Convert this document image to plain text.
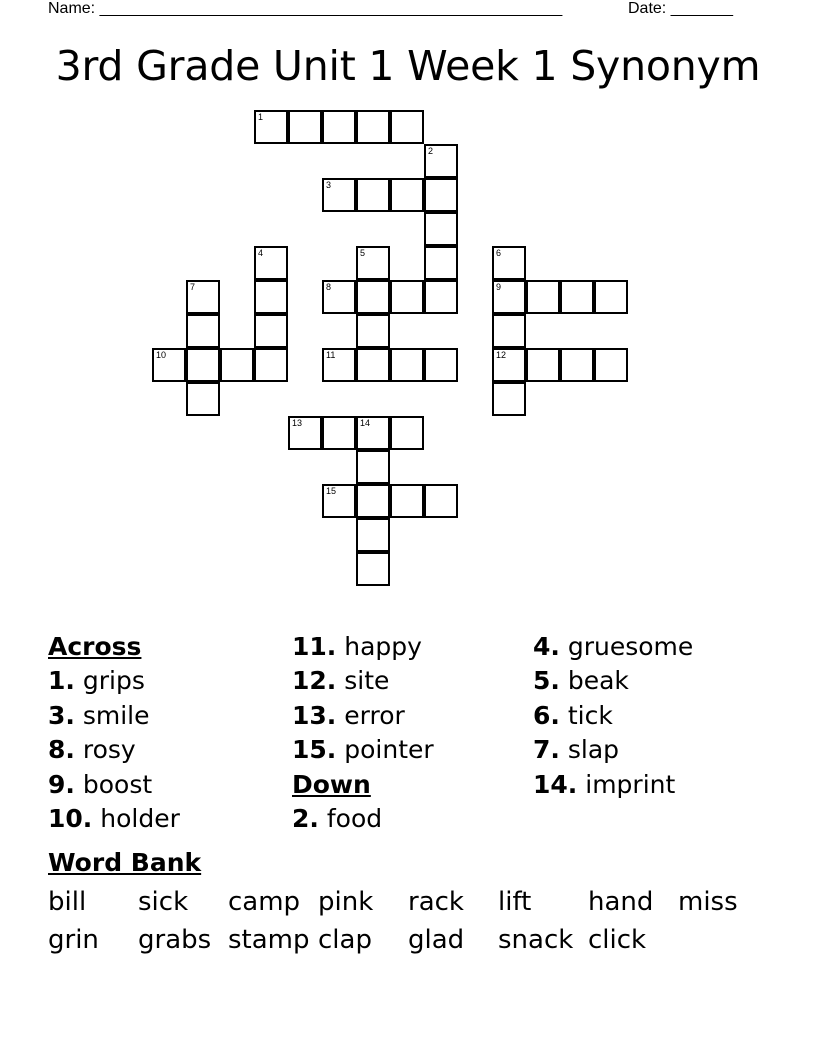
Name: ____________________________________________________	Date: _______
3rd Grade Unit 1 Week 1 Synonym
1
2
3
4	5	6
7	8	9
10	11	12
13	14
15
Across
1. grips
3. smile
8. rosy
9. boost
10. holder
11. happy
12. site
13. error
15. pointer
Down
2. food
4. gruesome
5. beak
6. tick
7. slap
14. imprint
Word Bank
bill sick camp pink rack lift hand miss
grin grabs stamp clap glad snack click
